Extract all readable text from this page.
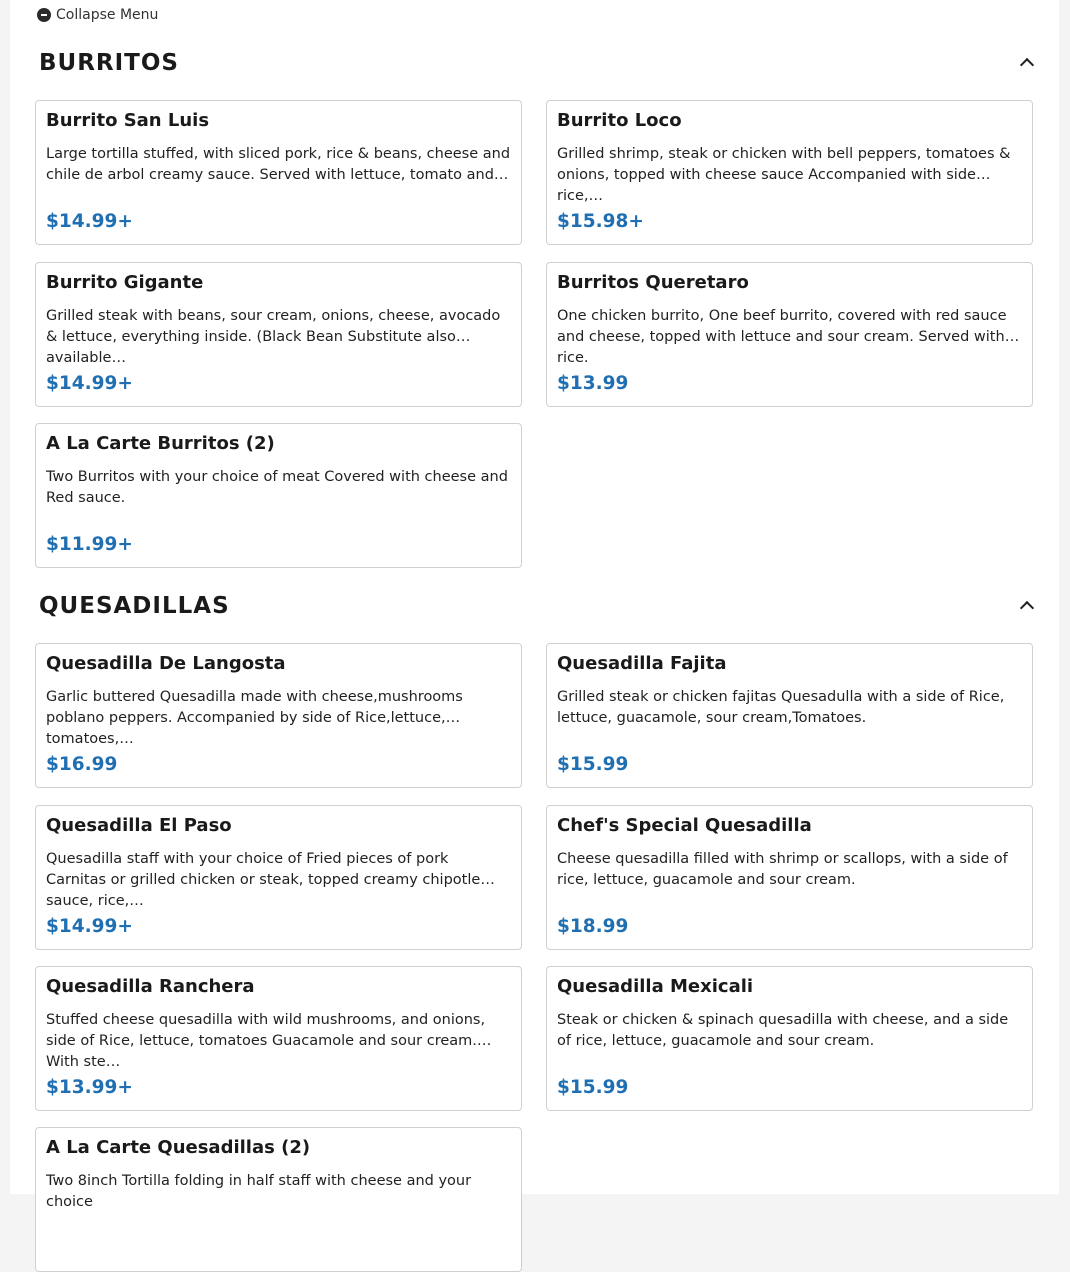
Collapse Menu
BURRITOS
Burrito San Luis
Large tortilla stuffed, with sliced pork, rice & beans, cheese and chile de arbol creamy sauce. Served with lettuce, tomato and…
$14.99+
Burrito Loco
Grilled shrimp, steak or chicken with bell peppers, tomatoes & onions, topped with cheese sauce Accompanied with side rice,…
$15.98+
Burrito Gigante
Grilled steak with beans, sour cream, onions, cheese, avocado & lettuce, everything inside. (Black Bean Substitute also available…
$14.99+
Burritos Queretaro
One chicken burrito, One beef burrito, covered with red sauce and cheese, topped with lettuce and sour cream. Served with rice.
$13.99
A La Carte Burritos (2)
Two Burritos with your choice of meat Covered with cheese and Red sauce.
$11.99+
QUESADILLAS
Quesadilla De Langosta
Garlic buttered Quesadilla made with cheese,mushrooms poblano peppers. Accompanied by side of Rice,lettuce, tomatoes,…
$16.99
Quesadilla Fajita
Grilled steak or chicken fajitas Quesadulla with a side of Rice, lettuce, guacamole, sour cream,Tomatoes.
$15.99
Quesadilla El Paso
Quesadilla staff with your choice of Fried pieces of pork Carnitas or grilled chicken or steak, topped creamy chipotle sauce, rice,…
$14.99+
Chef's Special Quesadilla
Cheese quesadilla filled with shrimp or scallops, with a side of rice, lettuce, guacamole and sour cream.
$18.99
Quesadilla Ranchera
Stuffed cheese quesadilla with wild mushrooms, and onions, side of Rice, lettuce, tomatoes Guacamole and sour cream. With ste…
$13.99+
Quesadilla Mexicali
Steak or chicken & spinach quesadilla with cheese, and a side of rice, lettuce, guacamole and sour cream.
$15.99
A La Carte Quesadillas (2)
Two 8inch Tortilla folding in half staff with cheese and your choice
